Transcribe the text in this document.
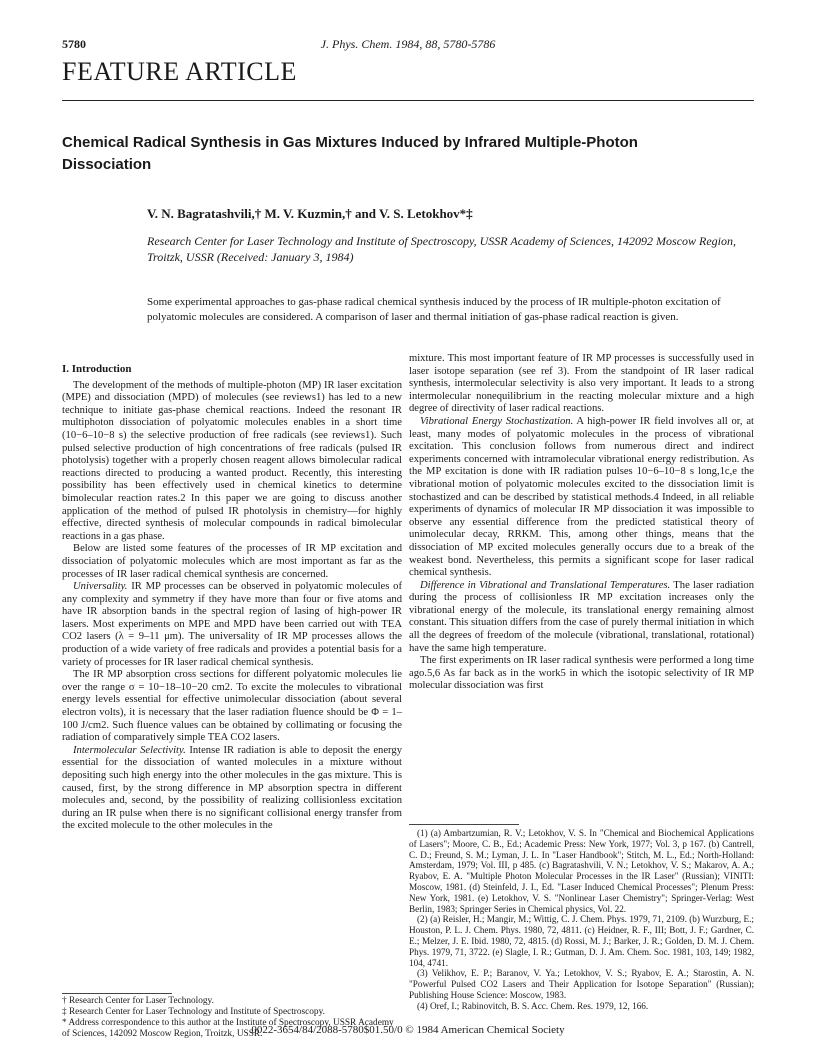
5780	J. Phys. Chem. 1984, 88, 5780-5786
FEATURE ARTICLE
Chemical Radical Synthesis in Gas Mixtures Induced by Infrared Multiple-Photon Dissociation
V. N. Bagratashvili,† M. V. Kuzmin,† and V. S. Letokhov*‡
Research Center for Laser Technology and Institute of Spectroscopy, USSR Academy of Sciences, 142092 Moscow Region, Troitzk, USSR (Received: January 3, 1984)
Some experimental approaches to gas-phase radical chemical synthesis induced by the process of IR multiple-photon excitation of polyatomic molecules are considered. A comparison of laser and thermal initiation of gas-phase radical reaction is given.

I. Introduction

The development of the methods of multiple-photon (MP) IR laser excitation (MPE) and dissociation (MPD) of molecules (see reviews1) has led to a new technique to initiate gas-phase chemical reactions. Indeed the resonant IR multiphoton dissociation of polyatomic molecules enables in a short time (10−6–10−8 s) the selective production of free radicals (see reviews1). Such pulsed selective production of high concentrations of free radicals (pulsed IR photolysis) together with a properly chosen reagent allows bimolecular radical reactions directed to producing a wanted product. Recently, this interesting possibility has been effectively used in chemical kinetics to determine bimolecular reaction rates.2 In this paper we are going to discuss another application of the method of pulsed IR photolysis in chemistry—for highly effective, directed synthesis of molecular compounds in radical bimolecular reactions in a gas phase.

Below are listed some features of the processes of IR MP excitation and dissociation of polyatomic molecules which are most important as far as the processes of IR laser radical chemical synthesis are concerned.

Universality. IR MP processes can be observed in polyatomic molecules of any complexity and symmetry if they have more than four or five atoms and have IR absorption bands in the spectral region of lasing of high-power IR lasers. Most experiments on MPE and MPD have been carried out with TEA CO2 lasers (λ = 9–11 μm). The universality of IR MP processes allows the production of a wide variety of free radicals and provides a potential basis for a variety of processes for IR laser radical chemical synthesis.

The IR MP absorption cross sections for different polyatomic molecules lie over the range σ = 10−18–10−20 cm2. To excite the molecules to vibrational energy levels essential for effective unimolecular dissociation (about several electron volts), it is necessary that the laser radiation fluence should be Φ = 1–100 J/cm2. Such fluence values can be obtained by collimating or focusing the radiation of comparatively simple TEA CO2 lasers.

Intermolecular Selectivity. Intense IR radiation is able to deposit the energy essential for the dissociation of wanted molecules in a mixture without depositing such high energy into the other molecules in the gas mixture. This is caused, first, by the strong difference in MP absorption spectra in different molecules and, second, by the possibility of realizing collisionless excitation during an IR pulse when there is no significant collisional energy transfer from the excited molecule to the other molecules in the

† Research Center for Laser Technology.

‡ Research Center for Laser Technology and Institute of Spectroscopy.

* Address correspondence to this author at the Institute of Spectroscopy, USSR Academy of Sciences, 142092 Moscow Region, Troitzk, USSR.

mixture. This most important feature of IR MP processes is successfully used in laser isotope separation (see ref 3). From the standpoint of IR laser radical synthesis, intermolecular selectivity is also very important. It leads to a strong intermolecular nonequilibrium in the reacting molecular mixture and a high degree of directivity of laser radical reactions.

Vibrational Energy Stochastization. A high-power IR field involves all or, at least, many modes of polyatomic molecules in the process of vibrational excitation. This conclusion follows from numerous direct and indirect experiments concerned with intramolecular vibrational energy redistribution. As the MP excitation is done with IR radiation pulses 10−6–10−8 s long,1c,e the vibrational motion of polyatomic molecules excited to the dissociation limit is stochastized and can be described by statistical methods.4 Indeed, in all reliable experiments of dynamics of molecular IR MP dissociation it was impossible to observe any essential difference from the predicted statistical theory of unimolecular decay, RRKM. This, among other things, means that the dissociation of MP excited molecules generally occurs due to a break of the weakest bond. Nevertheless, this permits a significant scope for laser radical chemical synthesis.

Difference in Vibrational and Translational Temperatures. The laser radiation during the process of collisionless IR MP excitation increases only the vibrational energy of the molecule, its translational energy remaining almost constant. This situation differs from the case of purely thermal initiation in which all the degrees of freedom of the molecule (vibrational, translational, rotational) have the same high temperature.

The first experiments on IR laser radical synthesis were performed a long time ago.5,6 As far back as in the work5 in which the isotopic selectivity of IR MP molecular dissociation was first

(1) (a) Ambartzumian, R. V.; Letokhov, V. S. In "Chemical and Biochemical Applications of Lasers"; Moore, C. B., Ed.; Academic Press: New York, 1977; Vol. 3, p 167. (b) Cantrell, C. D.; Freund, S. M.; Lyman, J. L. In "Laser Handbook"; Stitch, M. L., Ed.; North-Holland: Amsterdam, 1979; Vol. III, p 485. (c) Bagratashvili, V. N.; Letokhov, V. S.; Makarov, A. A.; Ryabov, E. A. "Multiple Photon Molecular Processes in the IR Laser" (Russian); VINITI: Moscow, 1981. (d) Steinfeld, J. I., Ed. "Laser Induced Chemical Processes"; Plenum Press: New York, 1981. (e) Letokhov, V. S. "Nonlinear Laser Chemistry"; Springer-Verlag: West Berlin, 1983; Springer Series in Chemical physics, Vol. 22.

(2) (a) Reisler, H.; Mangir, M.; Wittig, C. J. Chem. Phys. 1979, 71, 2109. (b) Wurzburg, E.; Houston, P. L. J. Chem. Phys. 1980, 72, 4811. (c) Heidner, R. F., III; Bott, J. F.; Gardner, C. E.; Melzer, J. E. Ibid. 1980, 72, 4815. (d) Rossi, M. J.; Barker, J. R.; Golden, D. M. J. Chem. Phys. 1979, 71, 3722. (e) Slagle, I. R.; Gutman, D. J. Am. Chem. Soc. 1981, 103, 149; 1982, 104, 4741.

(3) Velikhov, E. P.; Baranov, V. Ya.; Letokhov, V. S.; Ryabov, E. A.; Starostin, A. N. "Powerful Pulsed CO2 Lasers and Their Application for Isotope Separation" (Russian); Publishing House Science: Moscow, 1983.

(4) Oref, I.; Rabinovitch, B. S. Acc. Chem. Res. 1979, 12, 166.

0022-3654/84/2088-5780$01.50/0 © 1984 American Chemical Society
